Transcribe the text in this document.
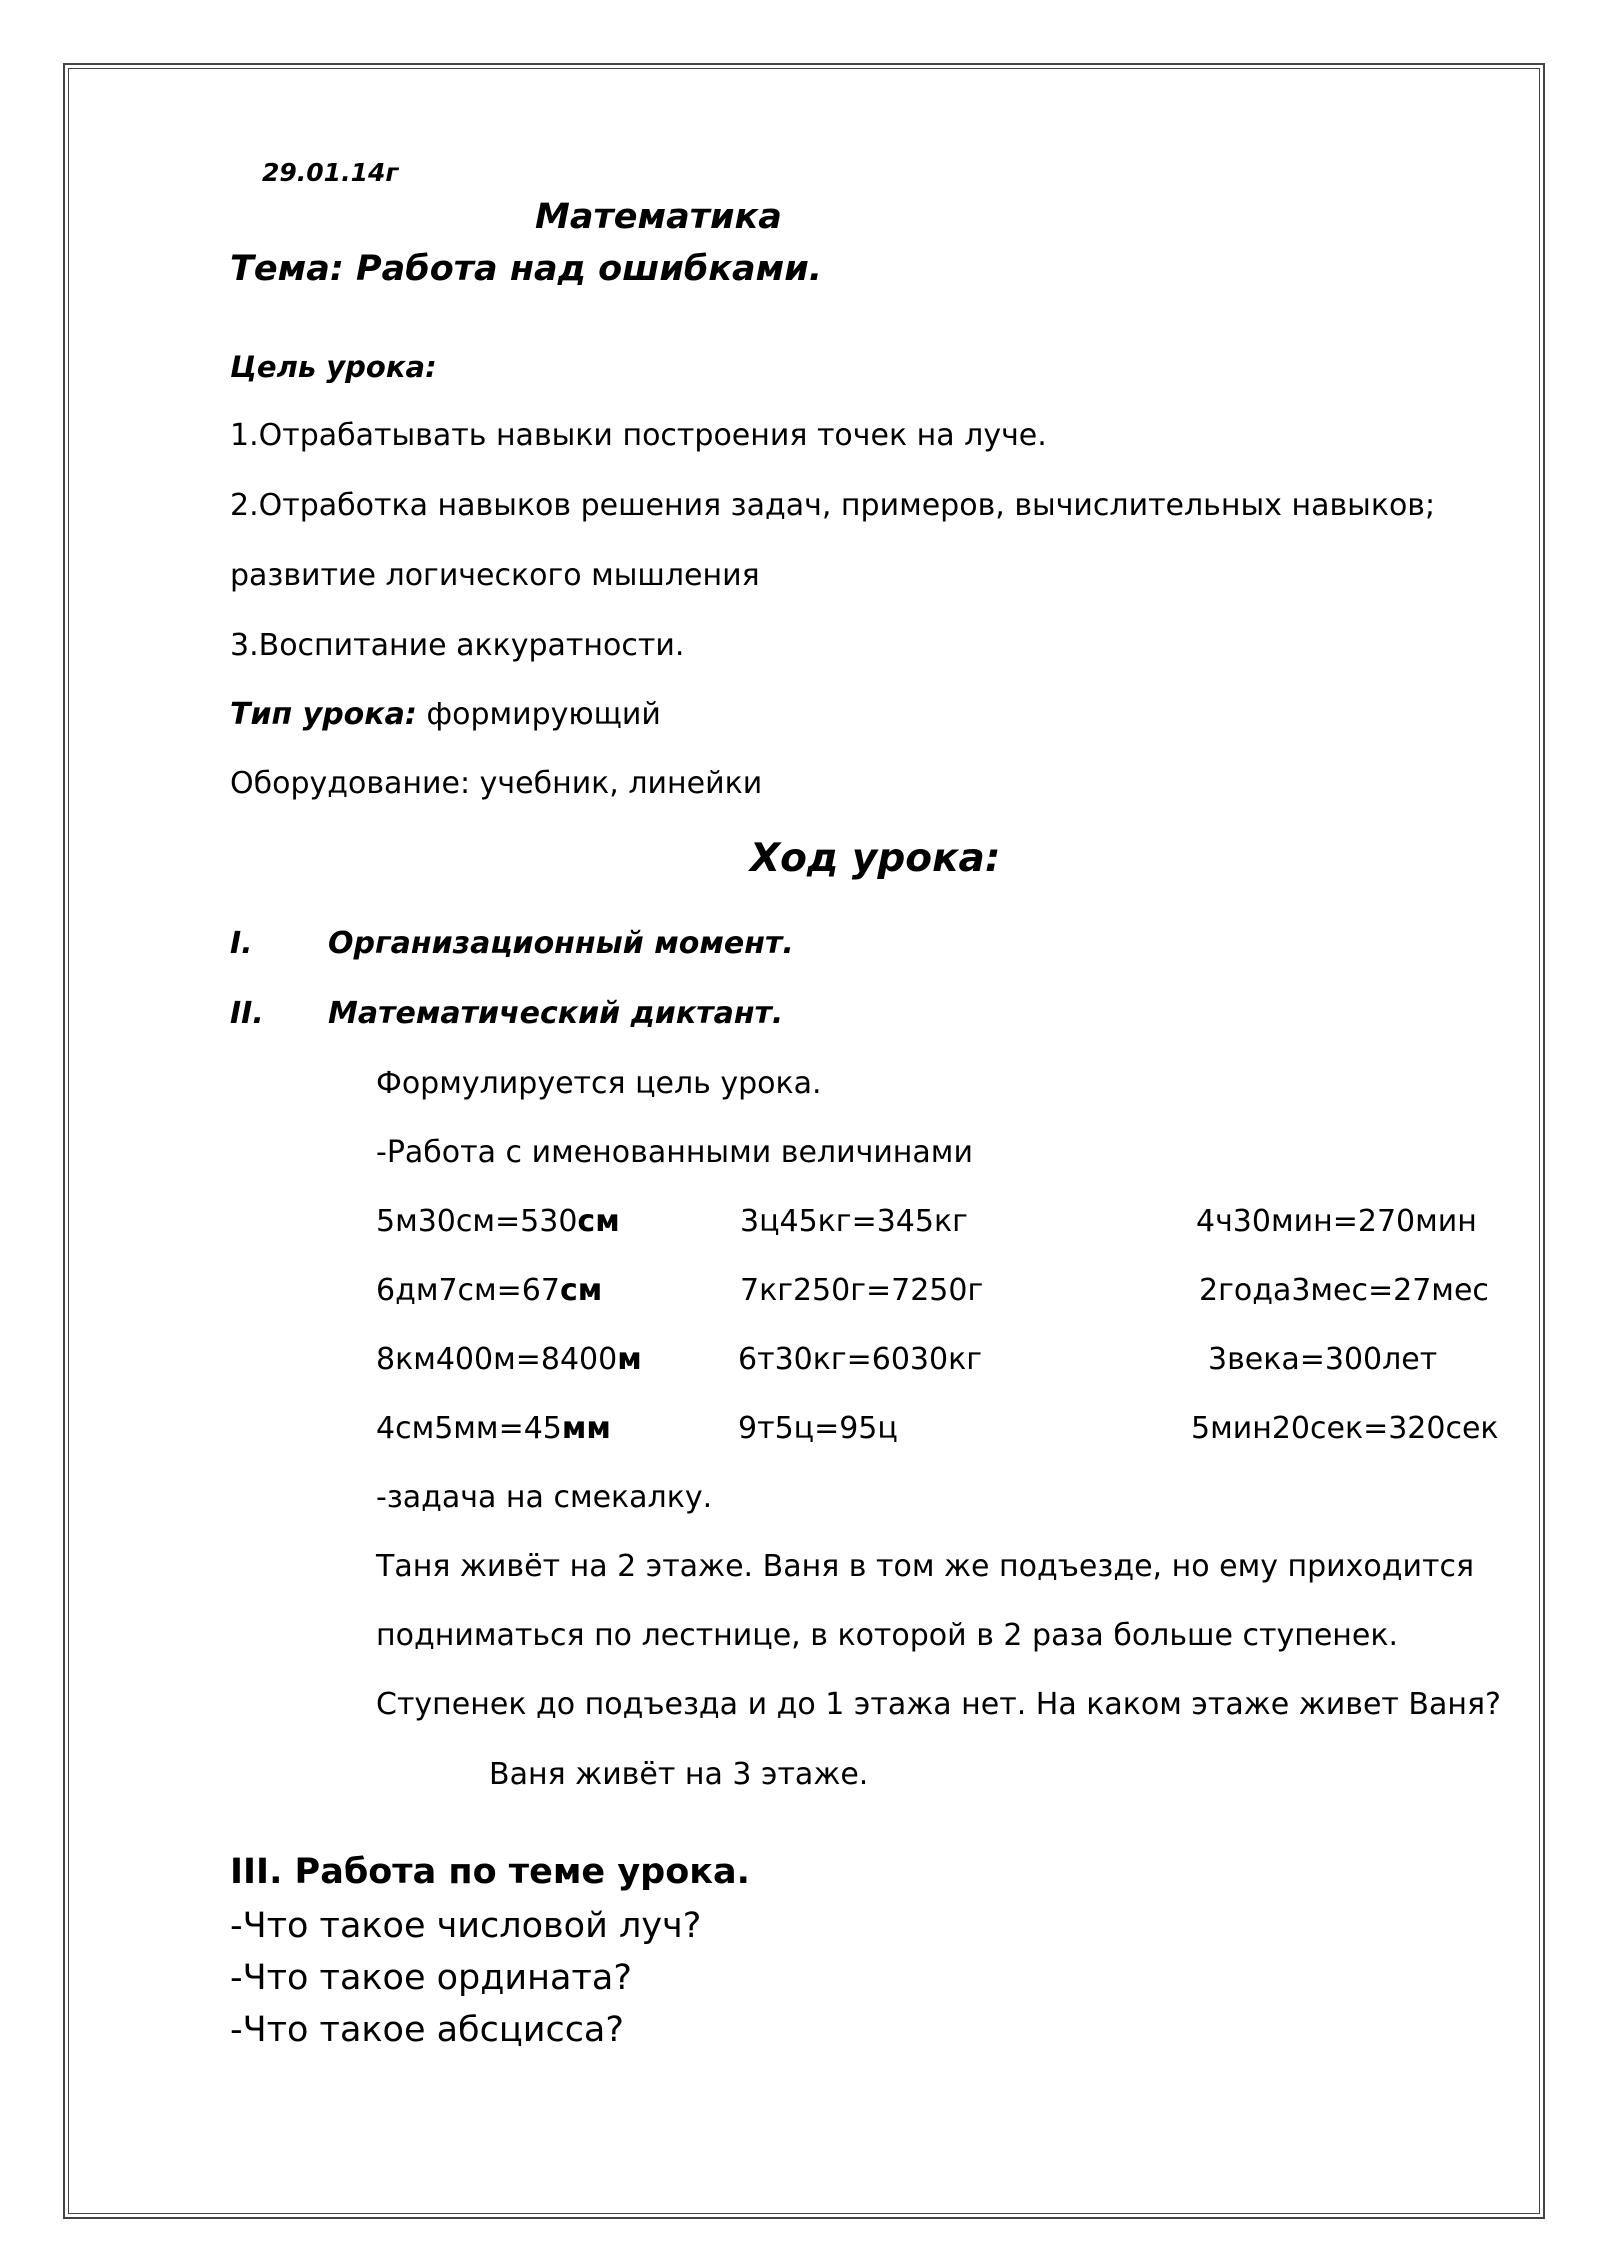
29.01.14г
Математика
Тема: Работа над ошибками.
Цель урока:
1.Отрабатывать навыки построения точек на луче.
2.Отработка навыков решения задач, примеров, вычислительных навыков;
развитие логического мышления
3.Воспитание аккуратности.
Тип урока: формирующий
Оборудование: учебник, линейки
Ход урока:
I.	Организационный момент.
II. Математический диктант.
Формулируется цель урока.
-Работа с именованными величинами
5м30см=530см	3ц45кг=345кг	4ч30мин=270мин
6дм7см=67см	7кг250г=7250г	2года3мес=27мес
8км400м=8400м	6т30кг=6030кг	3века=300лет
4см5мм=45мм	9т5ц=95ц	5мин20сек=320сек
-задача на смекалку.
Таня живёт на 2 этаже. Ваня в том же подъезде, но ему приходится
подниматься по лестнице, в которой в 2 раза больше ступенек.
Ступенек до подъезда и до 1 этажа нет. На каком этаже живет Ваня?
Ваня живёт на 3 этаже.
III. Работа по теме урока.
-Что такое числовой луч?
-Что такое ордината?
-Что такое абсцисса?
